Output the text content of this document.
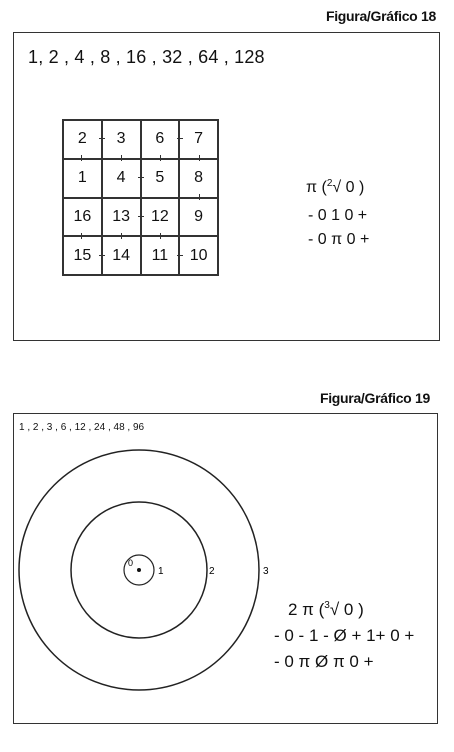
Figura/Gráfico 18
1, 2 , 4 , 8 , 16 , 32 , 64 , 128
2	3	6	7
1	4	5	8
16	13	12	9
15	14	11	10
π ($^2$√ 0 )
- 0 1 0 +
- 0 π 0 +
Figura/Gráfico 19
1 , 2 , 3 , 6 , 12 , 24 , 48 , 96
0
1	2	3
2 π ($^3$√ 0 )
- 0 - 1 - Ø + 1+ 0 +
- 0 π Ø π 0 +
